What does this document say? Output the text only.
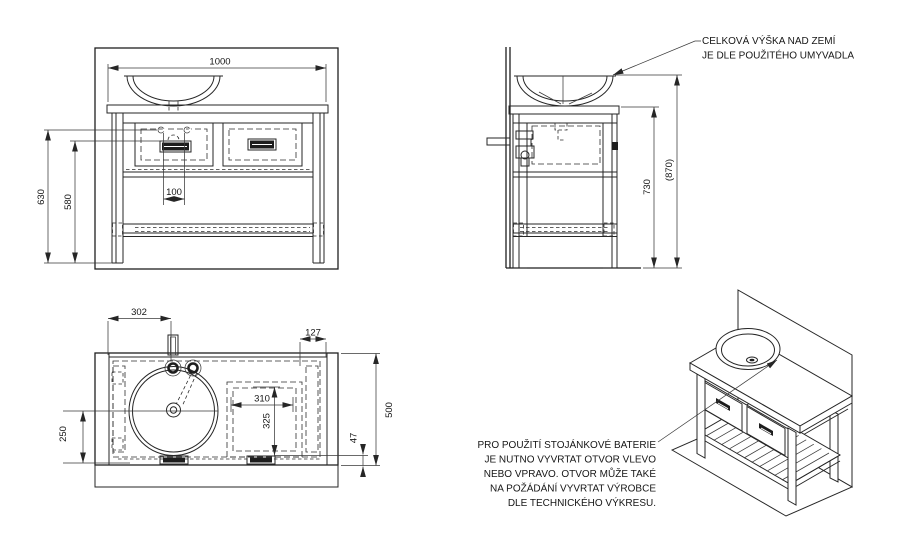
1000
630 580
100	730
(870)
CELKOVÁ VÝŠKA NAD ZEMÍ
JE DLE POUŽITÉHO UMYVADLA
302
127
310
325
250
500
47
PRO POUŽITÍ STOJÁNKOVÉ BATERIE
JE NUTNO VYVRTAT OTVOR VLEVO
NEBO VPRAVO. OTVOR MŮŽE TAKÉ
NA POŽÁDÁNÍ VYVRTAT VÝROBCE
DLE TECHNICKÉHO VÝKRESU.
